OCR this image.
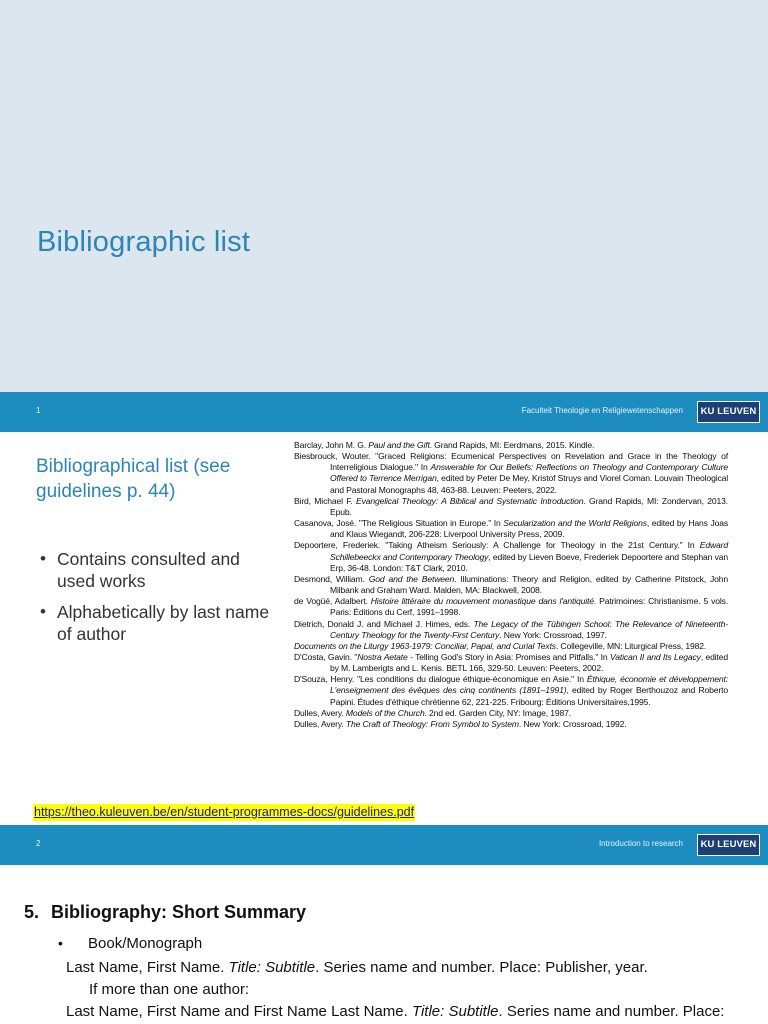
Bibliographic list
1	Faculteit Theologie en Religiewetenschappen	KU LEUVEN
Bibliographical list (see guidelines p. 44)
• Contains consulted and used works
• Alphabetically by last name of author
Barclay, John M. G. Paul and the Gift. Grand Rapids, MI: Eerdmans, 2015. Kindle.
Biesbrouck, Wouter. "Graced Religions: Ecumenical Perspectives on Revelation and Grace in the Theology of Interreligious Dialogue." In Answerable for Our Beliefs: Reflections on Theology and Contemporary Culture Offered to Terrence Merrigan, edited by Peter De Mey, Kristof Struys and Viorel Coman. Louvain Theological and Pastoral Monographs 48, 463-88. Leuven: Peeters, 2022.
Bird, Michael F. Evangelical Theology: A Biblical and Systematic Introduction. Grand Rapids, MI: Zondervan, 2013. Epub.
Casanova, José. "The Religious Situation in Europe." In Secularization and the World Religions, edited by Hans Joas and Klaus Wiegandt, 206-228: Liverpool University Press, 2009.
Depoortere, Frederiek. "Taking Atheism Seriously: A Challenge for Theology in the 21st Century." In Edward Schillebeeckx and Contemporary Theology, edited by Lieven Boeve, Frederiek Depoortere and Stephan van Erp, 36-48. London: T&T Clark, 2010.
Desmond, William. God and the Between. Illuminations: Theory and Religion, edited by Catherine Pitstock, John Milbank and Graham Ward. Malden, MA: Blackwell, 2008.
de Vogüé, Adalbert. Histoire littéraire du mouvement monastique dans l'antiquité. Patrimoines: Christianisme. 5 vols. Paris: Éditions du Cerf, 1991–1998.
Dietrich, Donald J. and Michael J. Himes, eds. The Legacy of the Tübingen School: The Relevance of Nineteenth-Century Theology for the Twenty-First Century. New York: Crossroad, 1997.
Documents on the Liturgy 1963-1979: Conciliar, Papal, and Curial Texts. Collegeville, MN: Liturgical Press, 1982.
D'Costa, Gavin. "Nostra Aetate - Telling God's Story in Asia: Promises and Pitfalls." In Vatican II and Its Legacy, edited by M. Lamberigts and L. Kenis. BETL 166, 329-50. Leuven: Peeters, 2002.
D'Souza, Henry. "Les conditions du dialogue éthique-économique en Asie." In Éthique, économie et développement: L'enseignement des évêques des cinq continents (1891–1991), edited by Roger Berthouzoz and Roberto Papini. Études d'éthique chrétienne 62, 221-225. Fribourg: Éditions Universitaires,1995.
Dulles, Avery. Models of the Church. 2nd ed. Garden City, NY: Image, 1987.
Dulles, Avery. The Craft of Theology: From Symbol to System. New York: Crossroad, 1992.
https://theo.kuleuven.be/en/student-programmes-docs/guidelines.pdf
2	Introduction to research	KU LEUVEN
5. Bibliography: Short Summary
• Book/Monograph
Last Name, First Name. Title: Subtitle. Series name and number. Place: Publisher, year.
If more than one author:
Last Name, First Name and First Name Last Name. Title: Subtitle. Series name and number. Place:
